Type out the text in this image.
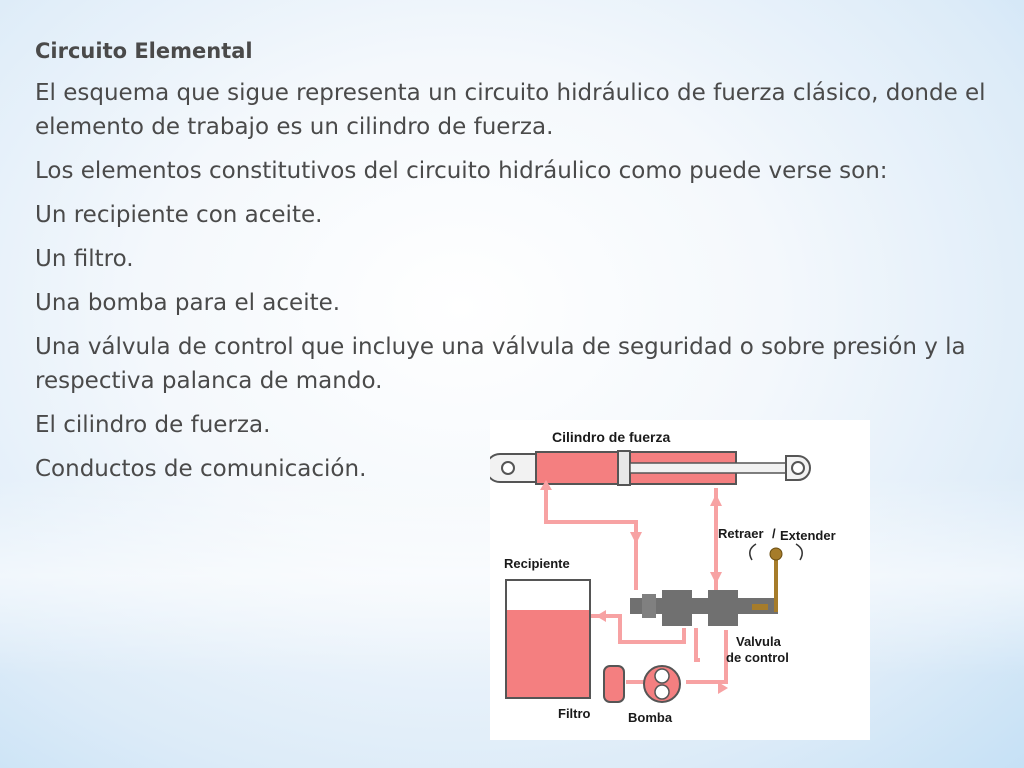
Circuito Elemental

El esquema que sigue representa un circuito hidráulico de fuerza clásico, donde el elemento de trabajo es un cilindro de fuerza.

Los elementos constitutivos del circuito hidráulico como puede verse son:

Un recipiente con aceite.

Un filtro.

Una bomba para el aceite.

Una válvula de control que incluye una válvula de seguridad o sobre presión y la respectiva palanca de mando.

El cilindro de fuerza.

Conductos de comunicación.

Cilindro de fuerza
Recipiente
Filtro	Bomba
Valvula
de control
Retraer / Extender
